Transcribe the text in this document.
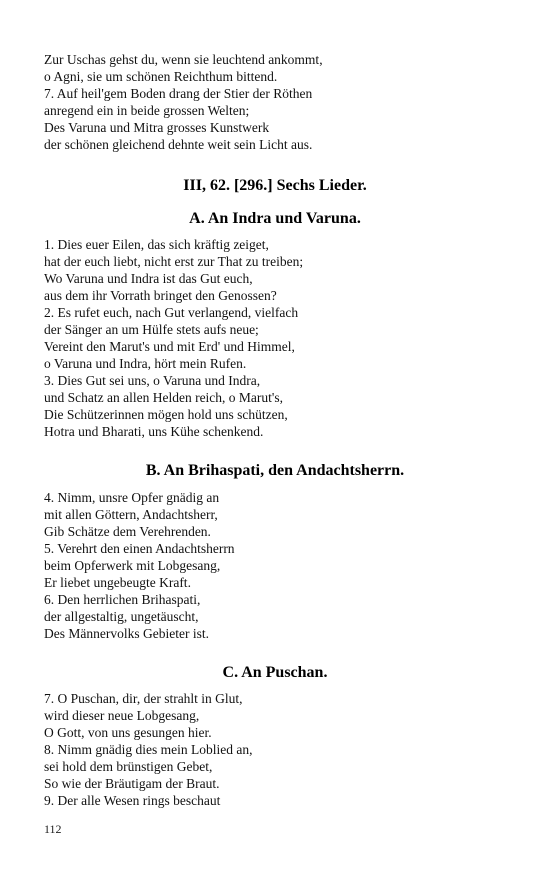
Zur Uschas gehst du, wenn sie leuchtend ankommt,
o Agni, sie um schönen Reichthum bittend.
7. Auf heil'gem Boden drang der Stier der Röthen
anregend ein in beide grossen Welten;
Des Varuna und Mitra grosses Kunstwerk
der schönen gleichend dehnte weit sein Licht aus.
III, 62. [296.] Sechs Lieder.
A. An Indra und Varuna.
1. Dies euer Eilen, das sich kräftig zeiget,
hat der euch liebt, nicht erst zur That zu treiben;
Wo Varuna und Indra ist das Gut euch,
aus dem ihr Vorrath bringet den Genossen?
2. Es rufet euch, nach Gut verlangend, vielfach
der Sänger an um Hülfe stets aufs neue;
Vereint den Marut's und mit Erd' und Himmel,
o Varuna und Indra, hört mein Rufen.
3. Dies Gut sei uns, o Varuna und Indra,
und Schatz an allen Helden reich, o Marut's,
Die Schützerinnen mögen hold uns schützen,
Hotra und Bharati, uns Kühe schenkend.
B. An Brihaspati, den Andachtsherrn.
4. Nimm, unsre Opfer gnädig an
mit allen Göttern, Andachtsherr,
Gib Schätze dem Verehrenden.
5. Verehrt den einen Andachtsherrn
beim Opferwerk mit Lobgesang,
Er liebet ungebeugte Kraft.
6. Den herrlichen Brihaspati,
der allgestaltig, ungetäuscht,
Des Männervolks Gebieter ist.
C. An Puschan.
7. O Puschan, dir, der strahlt in Glut,
wird dieser neue Lobgesang,
O Gott, von uns gesungen hier.
8. Nimm gnädig dies mein Loblied an,
sei hold dem brünstigen Gebet,
So wie der Bräutigam der Braut.
9. Der alle Wesen rings beschaut
112
